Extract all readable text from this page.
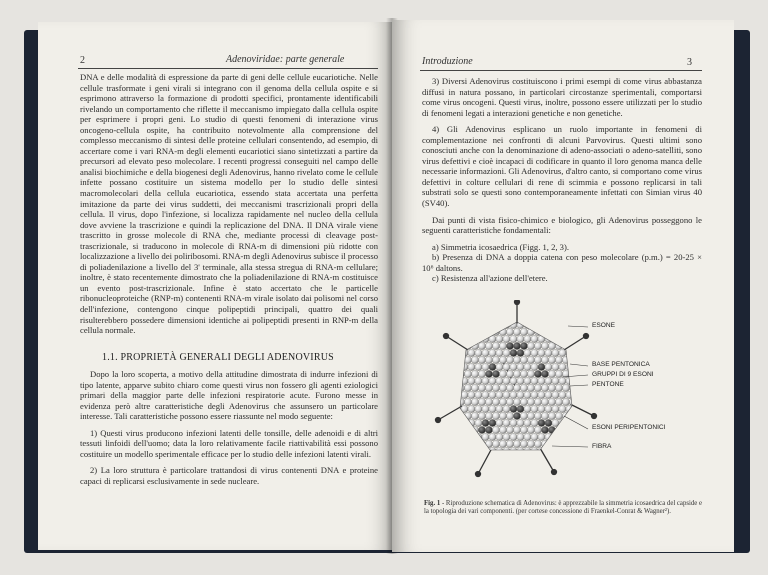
2	Adenoviridae: parte generale

DNA e delle modalità di espressione da parte di geni delle cellule eucariotiche. Nelle cellule trasformate i geni virali si integrano con il genoma della cellula ospite e si esprimono attraverso la formazione di prodotti specifici, prontamente identificabili rivelando un comportamento che riflette il meccanismo impiegato dalla cellula ospite per esprimere i propri geni. Lo studio di questi fenomeni di interazione virus oncogeno-cellula ospite, ha contribuito notevolmente alla comprensione del complesso meccanismo di sintesi delle proteine cellulari consentendo, ad esempio, di accertare come i vari RNA-m degli elementi eucariotici siano sintetizzati a partire da precursori ad elevato peso molecolare. I recenti progressi conseguiti nel campo delle analisi biochimiche e della biogenesi degli Adenovirus, hanno rivelato come le cellule infette possano costituire un sistema modello per lo studio delle sintesi macromolecolari della cellula eucariotica, essendo stata accertata una perfetta imitazione da parte dei virus suddetti, dei meccanismi trascrizionali propri della cellula. Il virus, dopo l'infezione, si localizza rapidamente nel nucleo della cellula dove avviene la trascrizione e quindi la replicazione del DNA. Il DNA virale viene trascritto in grosse molecole di RNA che, mediante processi di cleavage post-trascrizionale, si traducono in molecole di RNA-m di dimensioni più ridotte con localizzazione a livello dei poliribosomi. RNA-m degli Adenovirus subisce il processo di poliadenilazione a livello del 3' terminale, alla stessa stregua di RNA-m cellulare; inoltre, è stato recentemente dimostrato che la poliadenilazione di RNA-m costituisce un evento post-trascrizionale. Infine è stato accertato che le particelle ribonucleoproteiche (RNP-m) contenenti RNA-m virale isolato dai polisomi nel corso dell'infezione, contengono cinque polipeptidi principali, quattro dei quali risulterebbero possedere dimensioni identiche ai polipeptidi presenti in RNP-m della cellula normale.

1.1. PROPRIETÀ GENERALI DEGLI ADENOVIRUS

Dopo la loro scoperta, a motivo della attitudine dimostrata di indurre infezioni di tipo latente, apparve subito chiaro come questi virus non fossero gli agenti eziologici primari della maggior parte delle infezioni respiratorie acute. Furono messe in evidenza però altre caratteristiche degli Adenovirus che assunsero un particolare interesse. Tali caratteristiche possono essere riassunte nel modo seguente:

1) Questi virus producono infezioni latenti delle tonsille, delle adenoidi e di altri tessuti linfoidi dell'uomo; data la loro relativamente facile riattivabilità essi possono costituire un modello sperimentale efficace per lo studio delle infezioni latenti virali.

2) La loro struttura è particolare trattandosi di virus contenenti DNA e proteine capaci di replicarsi esclusivamente in sede nucleare.

Introduzione	3

3) Diversi Adenovirus costituiscono i primi esempi di come virus abbastanza diffusi in natura possano, in particolari circostanze sperimentali, comportarsi come virus oncogeni. Questi virus, inoltre, possono essere utilizzati per lo studio di fenomeni legati a interazioni genetiche e non genetiche.

4) Gli Adenovirus esplicano un ruolo importante in fenomeni di complementazione nei confronti di alcuni Parvovirus. Questi ultimi sono conosciuti anche con la denominazione di adeno-associati o adeno-satelliti, sono virus defettivi e cioè incapaci di codificare in quanto il loro genoma manca delle necessarie informazioni. Gli Adenovirus, d'altro canto, si comportano come virus defettivi in colture cellulari di rene di scimmia e possono replicarsi in tali substrati solo se questi sono contemporaneamente infettati con Simian virus 40 (SV40).

Dai punti di vista fisico-chimico e biologico, gli Adenovirus posseggono le seguenti caratteristiche fondamentali:

a) Simmetria icosaedrica (Figg. 1, 2, 3).

b) Presenza di DNA a doppia catena con peso molecolare (p.m.) = 20-25 × 10⁶ daltons.

c) Resistenza all'azione dell'etere.

ESONE
BASE PENTONICA
GRUPPI DI 9 ESONI
PENTONE
ESONI PERIPENTONICI
FIBRA
Fig. 1 - Riproduzione schematica di Adenovirus: è apprezzabile la simmetria icosaedrica del capside e la topologia dei vari componenti. (per cortese concessione di Fraenkel-Conrat & Wagner²).
